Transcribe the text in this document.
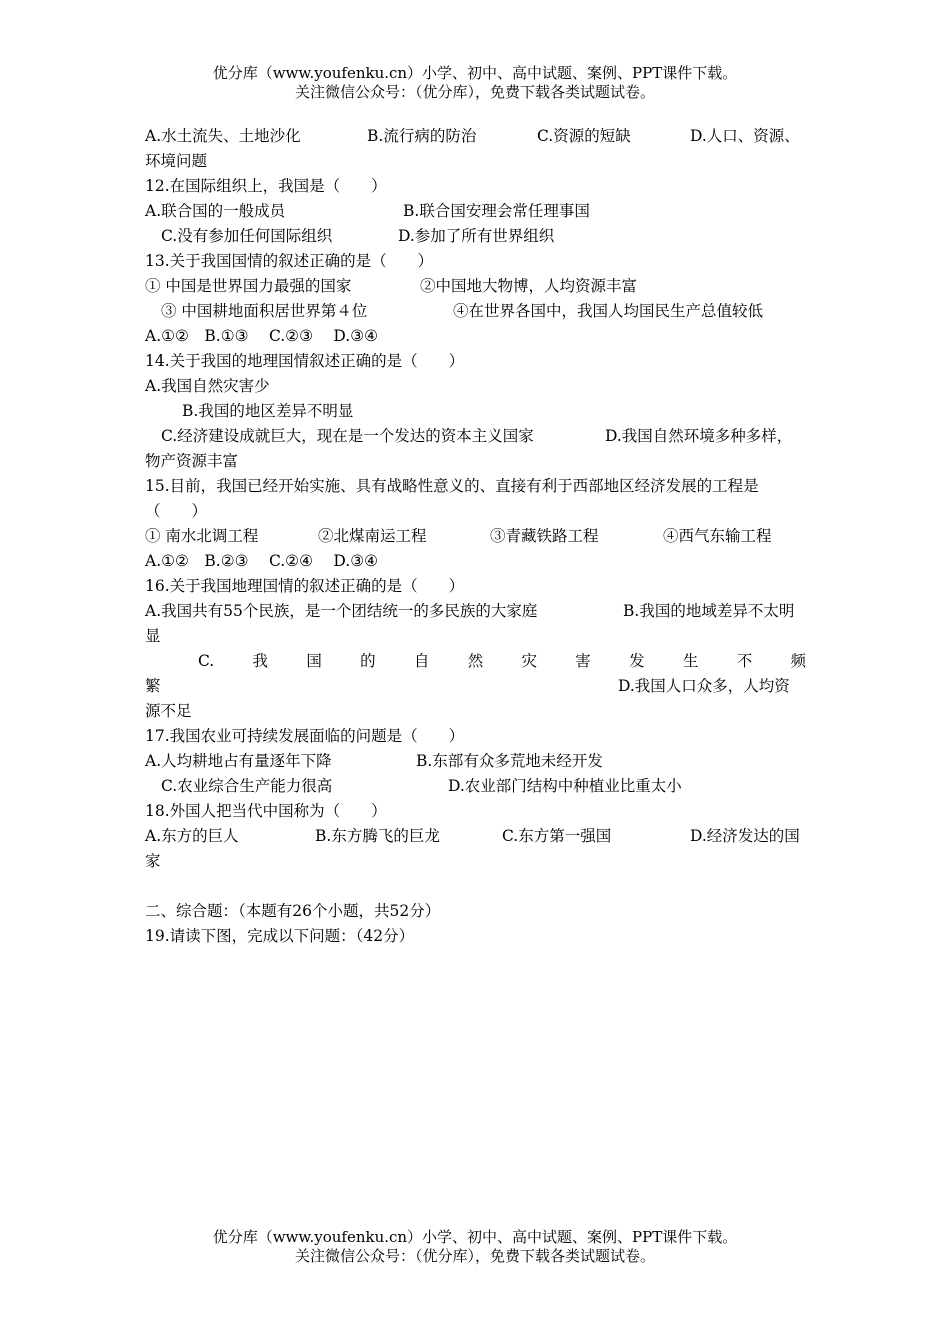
优分库（www.youfenku.cn）小学、初中、高中试题、案例、PPT课件下载。
关注微信公众号：（优分库），免费下载各类试题试卷。
A.水土流失、土地沙化	B.流行病的防治	C.资源的短缺	D.人口、资源、
环境问题
12.在国际组织上，我国是（　　）
A.联合国的一般成员	B.联合国安理会常任理事国
C.没有参加任何国际组织	D.参加了所有世界组织
13.关于我国国情的叙述正确的是（　　）
① 中国是世界国力最强的国家	②中国地大物博，人均资源丰富
③ 中国耕地面积居世界第４位	④在世界各国中，我国人均国民生产总值较低
A.①②　B.①③　 C.②③　 D.③④
14.关于我国的地理国情叙述正确的是（　　）
A.我国自然灾害少
B.我国的地区差异不明显
C.经济建设成就巨大，现在是一个发达的资本主义国家	D.我国自然环境多种多样，
物产资源丰富
15.目前，我国已经开始实施、具有战略性意义的、直接有利于西部地区经济发展的工程是
（　　）
① 南水北调工程	②北煤南运工程	③青藏铁路工程	④西气东输工程
A.①②　B.②③　 C.②④　 D.③④
16.关于我国地理国情的叙述正确的是（　　）
A.我国共有55个民族，是一个团结统一的多民族的大家庭	B.我国的地域差异不太明
显
C. 我 国 的 自 然 灾 害 发 生 不 频
繁	D.我国人口众多，人均资
源不足
17.我国农业可持续发展面临的问题是（　　）
A.人均耕地占有量逐年下降	B.东部有众多荒地未经开发
C.农业综合生产能力很高	D.农业部门结构中种植业比重太小
18.外国人把当代中国称为（　　）
A.东方的巨人	B.东方腾飞的巨龙	C.东方第一强国	D.经济发达的国
家
二、综合题：（本题有26个小题，共52分）
19.请读下图，完成以下问题：（42分）
优分库（www.youfenku.cn）小学、初中、高中试题、案例、PPT课件下载。
关注微信公众号：（优分库），免费下载各类试题试卷。
